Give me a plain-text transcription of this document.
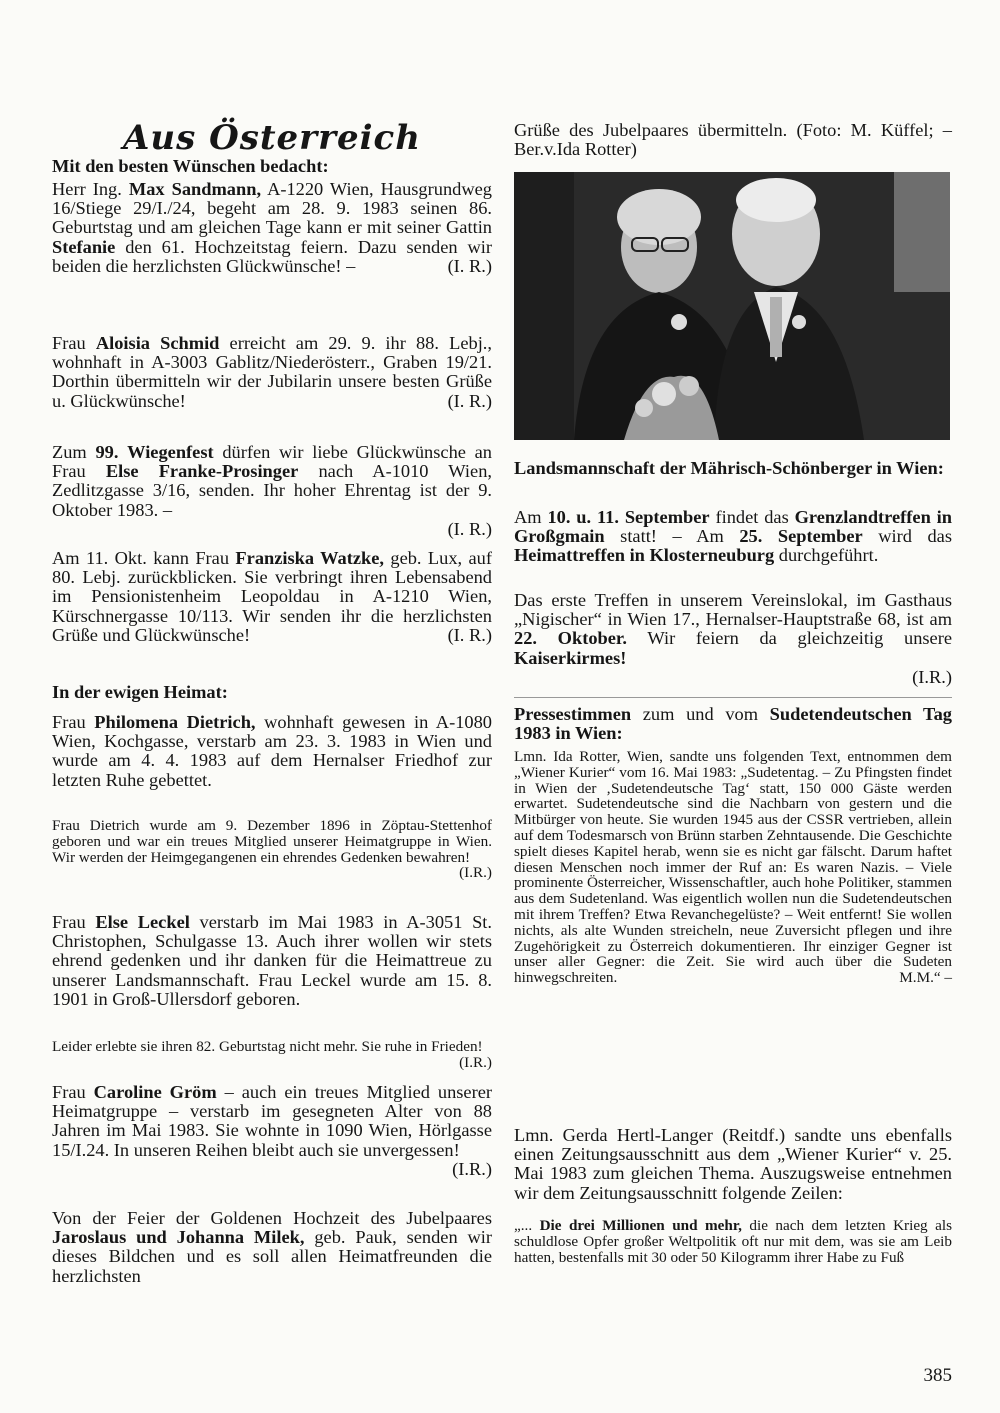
Aus Österreich
Mit den besten Wünschen bedacht:

Herr Ing. Max Sandmann, A-1220 Wien, Hausgrundweg 16/Stiege 29/I./24, begeht am 28. 9. 1983 seinen 86. Geburtstag und am gleichen Tage kann er mit seiner Gattin Stefanie den 61. Hochzeitstag feiern. Dazu senden wir beiden die herzlichsten Glückwünsche! –	(I. R.)

Frau Aloisia Schmid erreicht am 29. 9. ihr 88. Lebj., wohnhaft in A-3003 Gablitz/Niederösterr., Graben 19/21. Dorthin übermitteln wir der Jubilarin unsere besten Grüße u. Glückwünsche!	(I. R.)

Zum 99. Wiegenfest dürfen wir liebe Glückwünsche an Frau Else Franke-Prosinger nach A-1010 Wien, Zedlitzgasse 3/16, senden. Ihr hoher Ehrentag ist der 9. Oktober 1983. –

(I. R.)

Am 11. Okt. kann Frau Franziska Watzke, geb. Lux, auf 80. Lebj. zurückblicken. Sie verbringt ihren Lebensabend im Pensionistenheim Leopoldau in A-1210 Wien, Kürschnergasse 10/113. Wir senden ihr die herzlichsten Grüße und Glückwünsche!	(I. R.)

In der ewigen Heimat:

Frau Philomena Dietrich, wohnhaft gewesen in A-1080 Wien, Kochgasse, verstarb am 23. 3. 1983 in Wien und wurde am 4. 4. 1983 auf dem Hernalser Friedhof zur letzten Ruhe gebettet.

Frau Dietrich wurde am 9. Dezember 1896 in Zöptau-Stettenhof geboren und war ein treues Mitglied unserer Heimatgruppe in Wien. Wir werden der Heimgegangenen ein ehrendes Gedenken bewahren!
(I.R.)

Frau Else Leckel verstarb im Mai 1983 in A-3051 St. Christophen, Schulgasse 13. Auch ihrer wollen wir stets ehrend gedenken und ihr danken für die Heimattreue zu unserer Landsmannschaft. Frau Leckel wurde am 15. 8. 1901 in Groß-Ullersdorf geboren.

Leider erlebte sie ihren 82. Geburtstag nicht mehr. Sie ruhe in Frieden!
(I.R.)

Frau Caroline Gröm – auch ein treues Mitglied unserer Heimatgruppe – verstarb im gesegneten Alter von 88 Jahren im Mai 1983. Sie wohnte in 1090 Wien, Hörlgasse 15/I.24. In unseren Reihen bleibt auch sie unvergessen!

(I.R.)

Von der Feier der Goldenen Hochzeit des Jubelpaares Jaroslaus und Johanna Milek, geb. Pauk, senden wir dieses Bildchen und es soll allen Heimatfreunden die herzlichsten

Grüße des Jubelpaares übermitteln. (Foto: M. Küffel; – Ber.v.Ida Rotter)

Landsmannschaft der Mährisch-Schönberger in Wien:

Am 10. u. 11. September findet das Grenzlandtreffen in Großgmain statt! – Am 25. September wird das Heimattreffen in Klosterneuburg durchgeführt.

Das erste Treffen in unserem Vereinslokal, im Gasthaus „Nigischer“ in Wien 17., Hernalser-Hauptstraße 68, ist am 22. Oktober. Wir feiern da gleichzeitig unsere Kaiserkirmes!

(I.R.)

Pressestimmen zum und vom Sudetendeutschen Tag 1983 in Wien:

Lmn. Ida Rotter, Wien, sandte uns folgenden Text, entnommen dem „Wiener Kurier“ vom 16. Mai 1983: „Sudetentag. – Zu Pfingsten findet in Wien der ‚Sudetendeutsche Tag‘ statt, 150 000 Gäste werden erwartet. Sudetendeutsche sind die Nachbarn von gestern und die Mitbürger von heute. Sie wurden 1945 aus der CSSR vertrieben, allein auf dem Todesmarsch von Brünn starben Zehntausende. Die Geschichte spielt dieses Kapitel herab, wenn sie es nicht gar fälscht. Darum haftet diesen Menschen noch immer der Ruf an: Es waren Nazis. – Viele prominente Österreicher, Wissenschaftler, auch hohe Politiker, stammen aus dem Sudetenland. Was eigentlich wollen nun die Sudetendeutschen mit ihrem Treffen? Etwa Revanchegelüste? – Weit entfernt! Sie wollen nichts, als alte Wunden streicheln, neue Zuversicht pflegen und ihre Zugehörigkeit zu Österreich dokumentieren. Ihr einziger Gegner ist unser aller Gegner: die Zeit. Sie wird auch über die Sudeten hinwegschreiten.	M.M.“ –

Lmn. Gerda Hertl-Langer (Reitdf.) sandte uns ebenfalls einen Zeitungsausschnitt aus dem „Wiener Kurier“ v. 25. Mai 1983 zum gleichen Thema. Auszugsweise entnehmen wir dem Zeitungsausschnitt folgende Zeilen:

„... Die drei Millionen und mehr, die nach dem letzten Krieg als schuldlose Opfer großer Weltpolitik oft nur mit dem, was sie am Leib hatten, bestenfalls mit 30 oder 50 Kilogramm ihrer Habe zu Fuß

385
